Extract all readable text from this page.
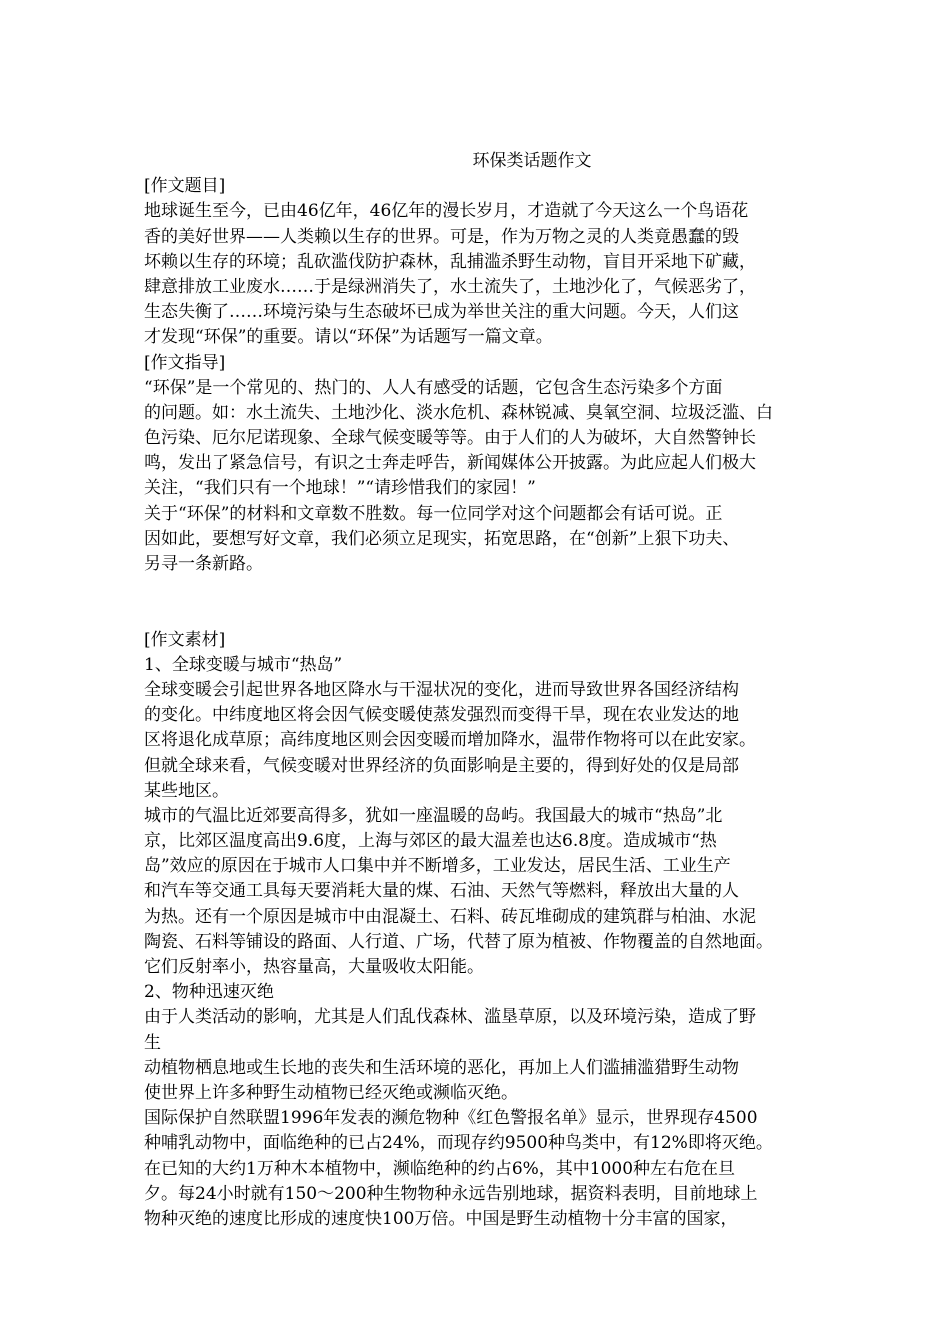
环保类话题作文
[作文题目]
地球诞生至今，已由46亿年，46亿年的漫长岁月，才造就了今天这么一个鸟语花
香的美好世界——人类赖以生存的世界。可是，作为万物之灵的人类竟愚蠢的毁
坏赖以生存的环境；乱砍滥伐防护森林，乱捕滥杀野生动物，盲目开采地下矿藏，
肆意排放工业废水……于是绿洲消失了，水土流失了，土地沙化了，气候恶劣了，
生态失衡了……环境污染与生态破坏已成为举世关注的重大问题。今天，人们这
才发现“环保”的重要。请以“环保”为话题写一篇文章。
[作文指导]
“环保”是一个常见的、热门的、人人有感受的话题，它包含生态污染多个方面
的问题。如：水土流失、土地沙化、淡水危机、森林锐减、臭氧空洞、垃圾泛滥、白
色污染、厄尔尼诺现象、全球气候变暖等等。由于人们的人为破坏，大自然警钟长
鸣，发出了紧急信号，有识之士奔走呼告，新闻媒体公开披露。为此应起人们极大
关注，“我们只有一个地球！”“请珍惜我们的家园！”
关于“环保”的材料和文章数不胜数。每一位同学对这个问题都会有话可说。正
因如此，要想写好文章，我们必须立足现实，拓宽思路，在“创新”上狠下功夫、
另寻一条新路。
[作文素材]
1、全球变暖与城市“热岛”
全球变暖会引起世界各地区降水与干湿状况的变化，进而导致世界各国经济结构
的变化。中纬度地区将会因气候变暖使蒸发强烈而变得干旱，现在农业发达的地
区将退化成草原；高纬度地区则会因变暖而增加降水，温带作物将可以在此安家。
但就全球来看，气候变暖对世界经济的负面影响是主要的，得到好处的仅是局部
某些地区。
城市的气温比近郊要高得多，犹如一座温暖的岛屿。我国最大的城市“热岛”北
京，比郊区温度高出9.6度，上海与郊区的最大温差也达6.8度。造成城市“热
岛”效应的原因在于城市人口集中并不断增多，工业发达，居民生活、工业生产
和汽车等交通工具每天要消耗大量的煤、石油、天然气等燃料，释放出大量的人
为热。还有一个原因是城市中由混凝土、石料、砖瓦堆砌成的建筑群与柏油、水泥
陶瓷、石料等铺设的路面、人行道、广场，代替了原为植被、作物覆盖的自然地面。
它们反射率小，热容量高，大量吸收太阳能。
2、物种迅速灭绝
由于人类活动的影响，尤其是人们乱伐森林、滥垦草原，以及环境污染，造成了野
生
动植物栖息地或生长地的丧失和生活环境的恶化，再加上人们滥捕滥猎野生动物
使世界上许多种野生动植物已经灭绝或濒临灭绝。
国际保护自然联盟1996年发表的濒危物种《红色警报名单》显示，世界现存4500
种哺乳动物中，面临绝种的已占24%，而现存约9500种鸟类中，有12%即将灭绝。
在已知的大约1万种木本植物中，濒临绝种的约占6%，其中1000种左右危在旦
夕。每24小时就有150～200种生物物种永远告别地球，据资料表明，目前地球上
物种灭绝的速度比形成的速度快100万倍。中国是野生动植物十分丰富的国家，
